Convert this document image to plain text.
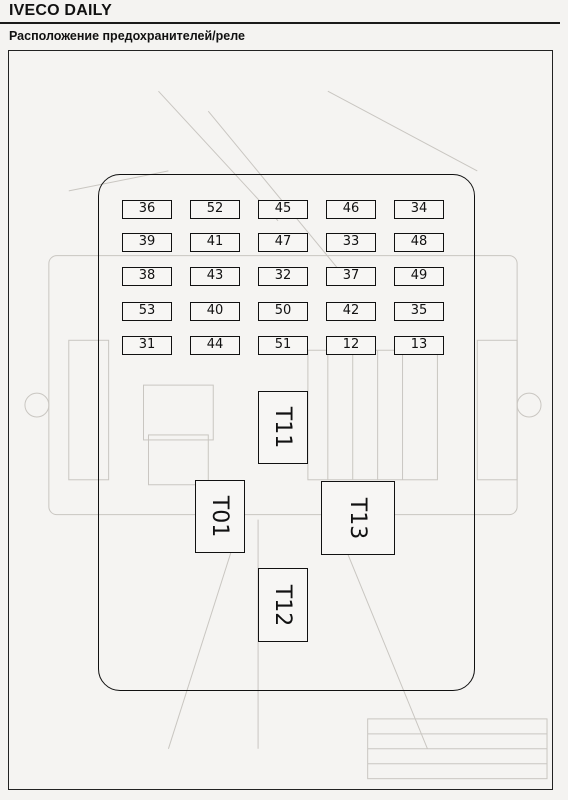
IVECO DAILY
Расположение предохранителей/реле
36	52	45	46	34
39	41	47	33	48
38	43	32	37	49
53	40	50	42	35
31	44	51	12	13
T11
T01	T13
T12
